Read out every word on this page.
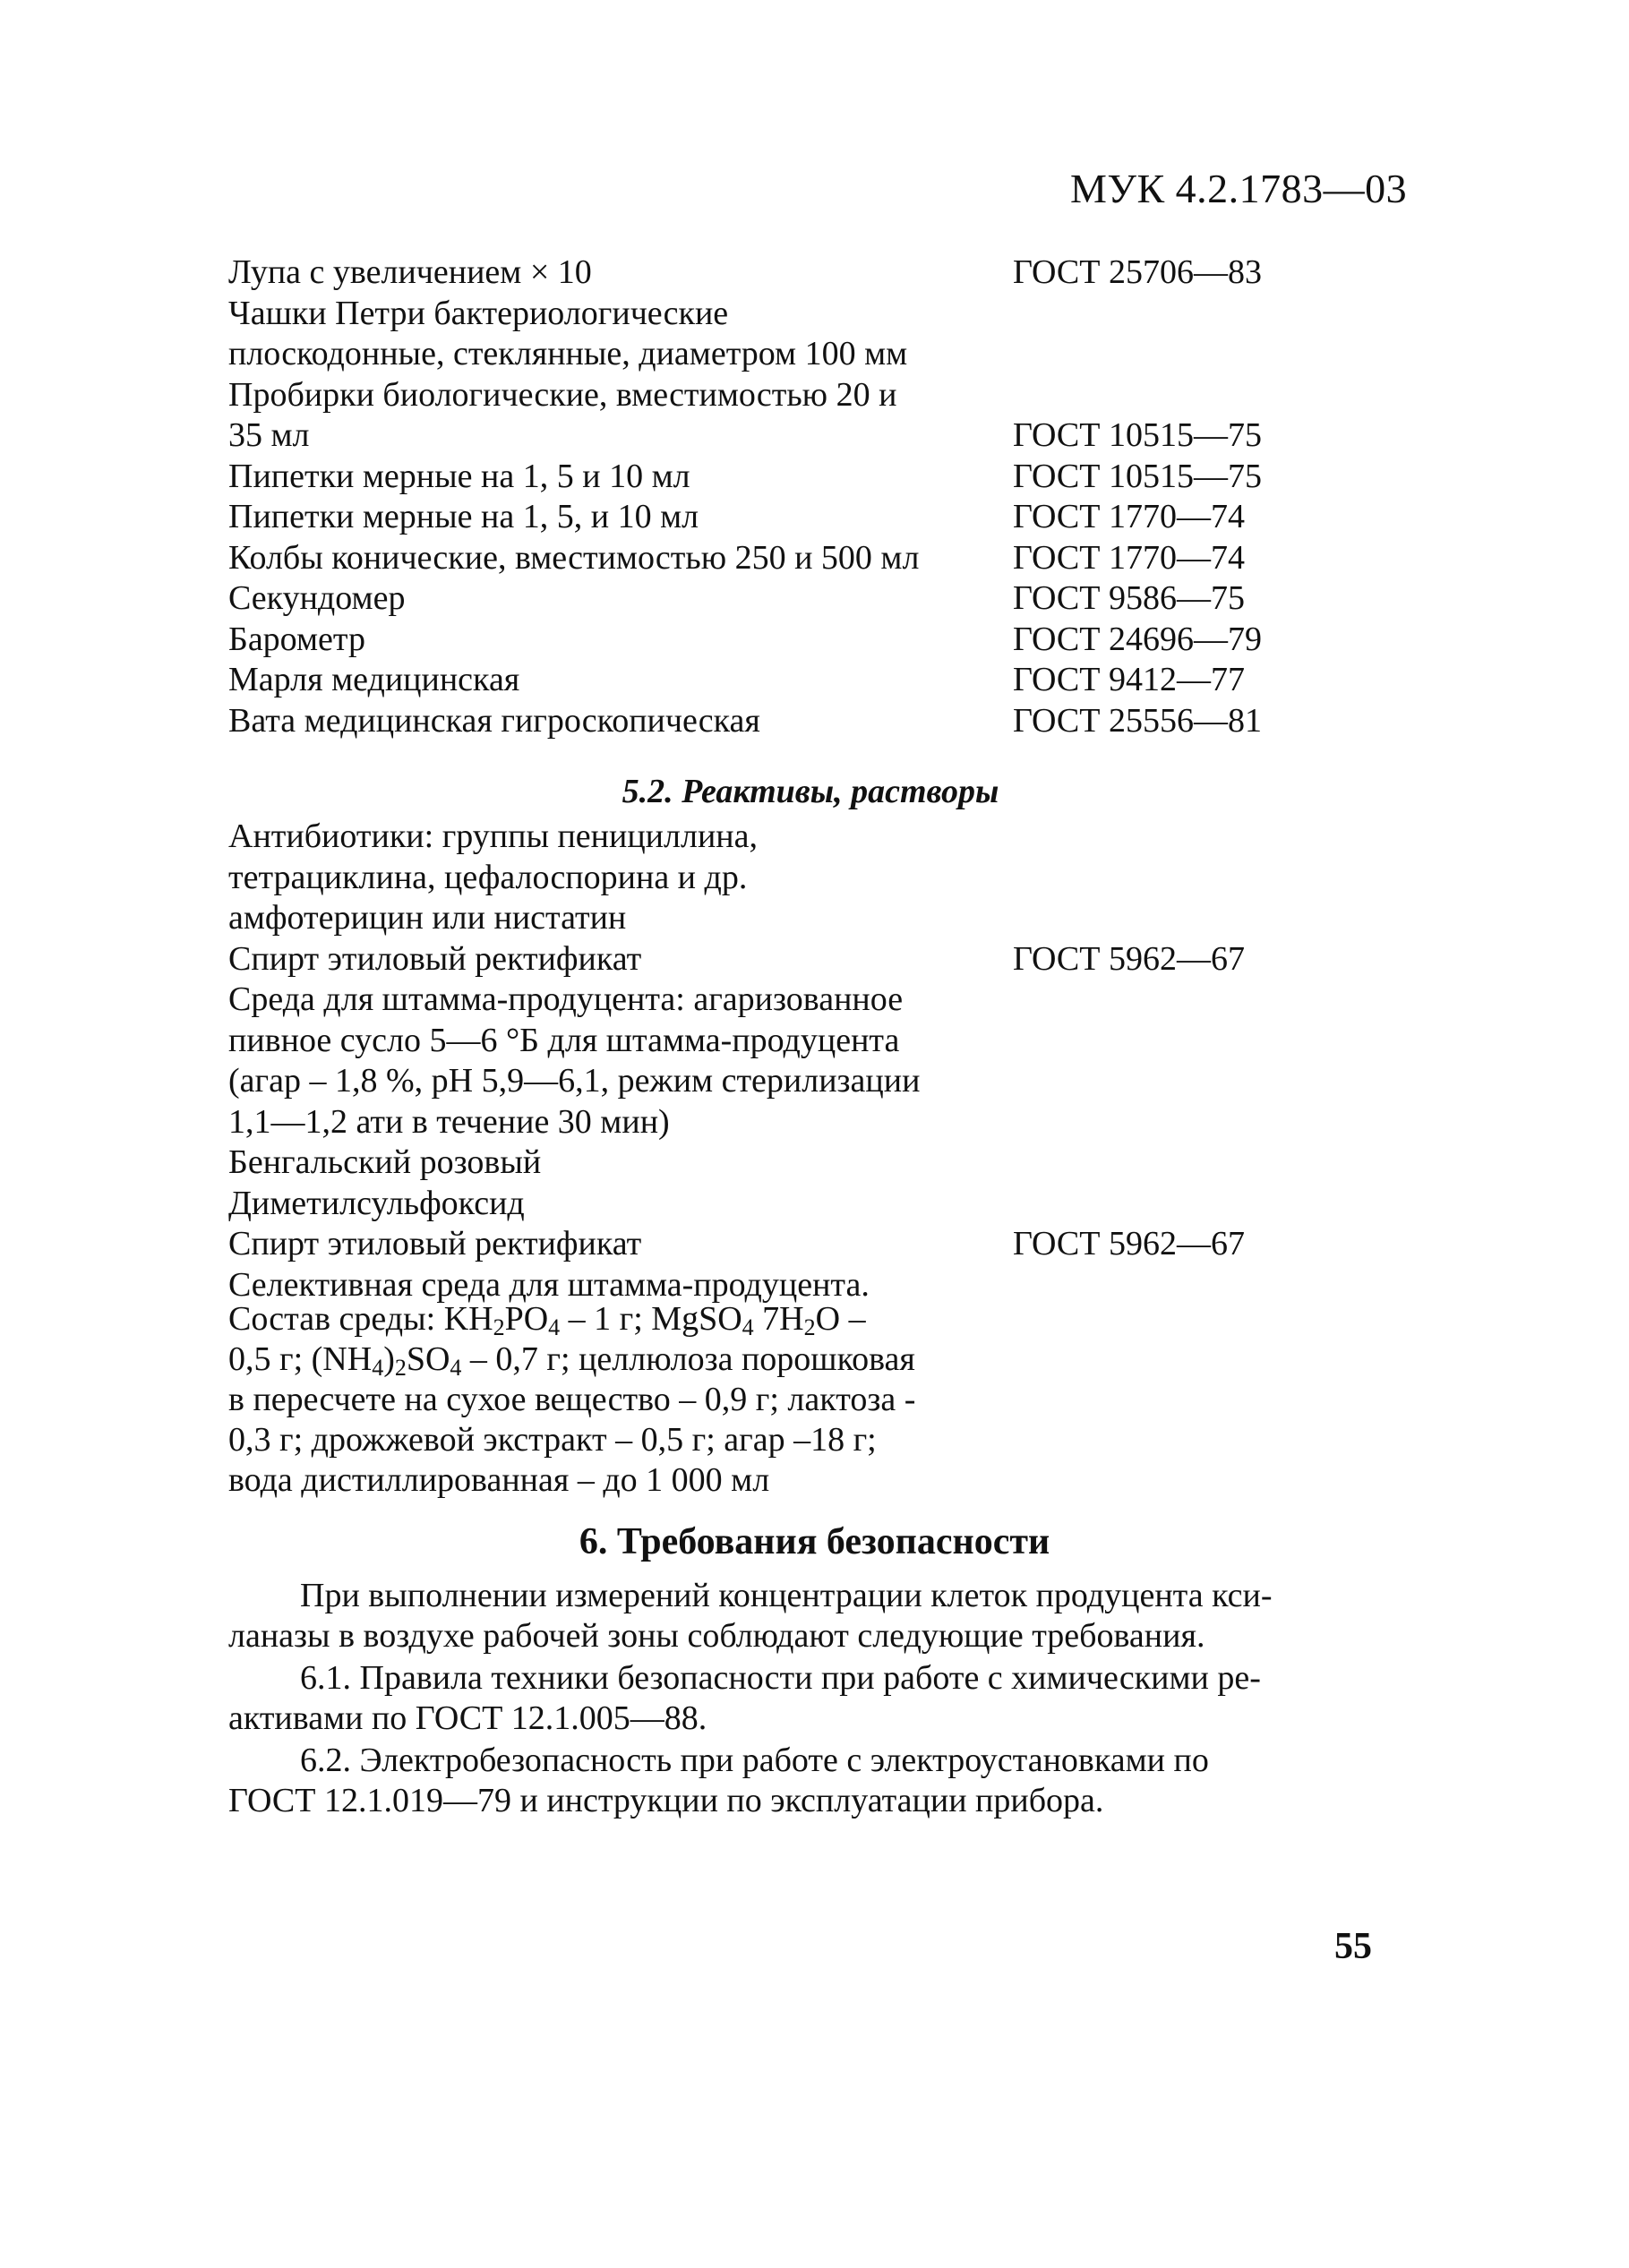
МУК 4.2.1783—03
Лупа с увеличением × 10	ГОСТ 25706—83
Чашки Петри бактериологические
плоскодонные, стеклянные, диаметром 100 мм
Пробирки биологические, вместимостью 20 и
35 мл	ГОСТ 10515—75
Пипетки мерные на 1, 5 и 10 мл	ГОСТ 10515—75
Пипетки мерные на 1, 5, и 10 мл	ГОСТ 1770—74
Колбы конические, вместимостью 250 и 500 мл	ГОСТ 1770—74
Секундомер	ГОСТ 9586—75
Барометр	ГОСТ 24696—79
Марля медицинская	ГОСТ 9412—77
Вата медицинская гигроскопическая	ГОСТ 25556—81
5.2. Реактивы, растворы
Антибиотики: группы пенициллина,
тетрациклина, цефалоспорина и др.
амфотерицин или нистатин
Спирт этиловый ректификат	ГОСТ 5962—67
Среда для штамма-продуцента: агаризованное
пивное сусло 5—6 °Б для штамма-продуцента
(агар – 1,8 %, pH 5,9—6,1, режим стерилизации
1,1—1,2 ати в течение 30 мин)
Бенгальский розовый
Диметилсульфоксид
Спирт этиловый ректификат	ГОСТ 5962—67
Селективная среда для штамма-продуцента.
Состав среды: $KH_2PO_4 - 1$ г; MgSO$_4$ $7H_2O$ –
0,5 г; $(NH_4)_2SO_4 - 0,7$ г; целлюлоза порошковая
в пересчете на сухое вещество – 0,9 г; лактоза -
0,3 г; дрожжевой экстракт – 0,5 г; агар –18 г;
вода дистиллированная – до 1 000 мл
6. Требования безопасности
При выполнении измерений концентрации клеток продуцента кси-
ланазы в воздухе рабочей зоны соблюдают следующие требования.
6.1. Правила техники безопасности при работе с химическими ре-
активами по ГОСТ 12.1.005—88.
6.2. Электробезопасность при работе с электроустановками по
ГОСТ 12.1.019—79 и инструкции по эксплуатации прибора.
55
